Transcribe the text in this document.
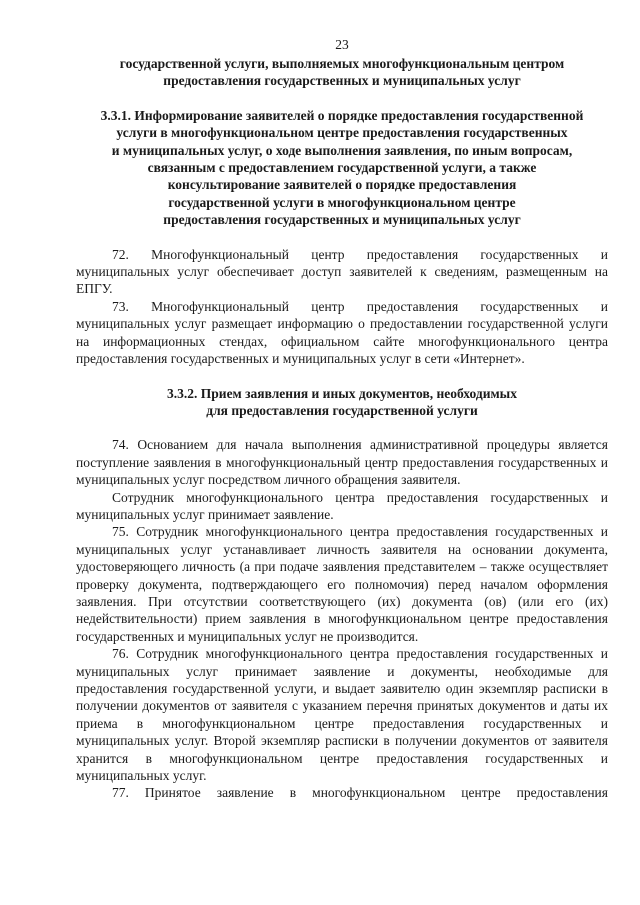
23
государственной услуги, выполняемых многофункциональным центром
предоставления государственных и муниципальных услуг
3.3.1. Информирование заявителей о порядке предоставления государственной
услуги в многофункциональном центре предоставления государственных
и муниципальных услуг, о ходе выполнения заявления, по иным вопросам,
связанным с предоставлением государственной услуги, а также
консультирование заявителей о порядке предоставления
государственной услуги в многофункциональном центре
предоставления государственных и муниципальных услуг

72. Многофункциональный центр предоставления государственных и муниципальных услуг обеспечивает доступ заявителей к сведениям, размещенным на ЕПГУ.

73. Многофункциональный центр предоставления государственных и муниципальных услуг размещает информацию о предоставлении государственной услуги на информационных стендах, официальном сайте многофункционального центра предоставления государственных и муниципальных услуг в сети «Интернет».

3.3.2. Прием заявления и иных документов, необходимых
для предоставления государственной услуги

74. Основанием для начала выполнения административной процедуры является поступление заявления в многофункциональный центр предоставления государственных и муниципальных услуг посредством личного обращения заявителя.

Сотрудник многофункционального центра предоставления государственных и муниципальных услуг принимает заявление.

75. Сотрудник многофункционального центра предоставления государственных и муниципальных услуг устанавливает личность заявителя на основании документа, удостоверяющего личность (а при подаче заявления представителем – также осуществляет проверку документа, подтверждающего его полномочия) перед началом оформления заявления. При отсутствии соответствующего (их) документа (ов) (или его (их) недействительности) прием заявления в многофункциональном центре предоставления государственных и муниципальных услуг не производится.

76. Сотрудник многофункционального центра предоставления государственных и муниципальных услуг принимает заявление и документы, необходимые для предоставления государственной услуги, и выдает заявителю один экземпляр расписки в получении документов от заявителя с указанием перечня принятых документов и даты их приема в многофункциональном центре предоставления государственных и муниципальных услуг. Второй экземпляр расписки в получении документов от заявителя хранится в многофункциональном центре предоставления государственных и муниципальных услуг.

77. Принятое заявление в многофункциональном центре предоставления
